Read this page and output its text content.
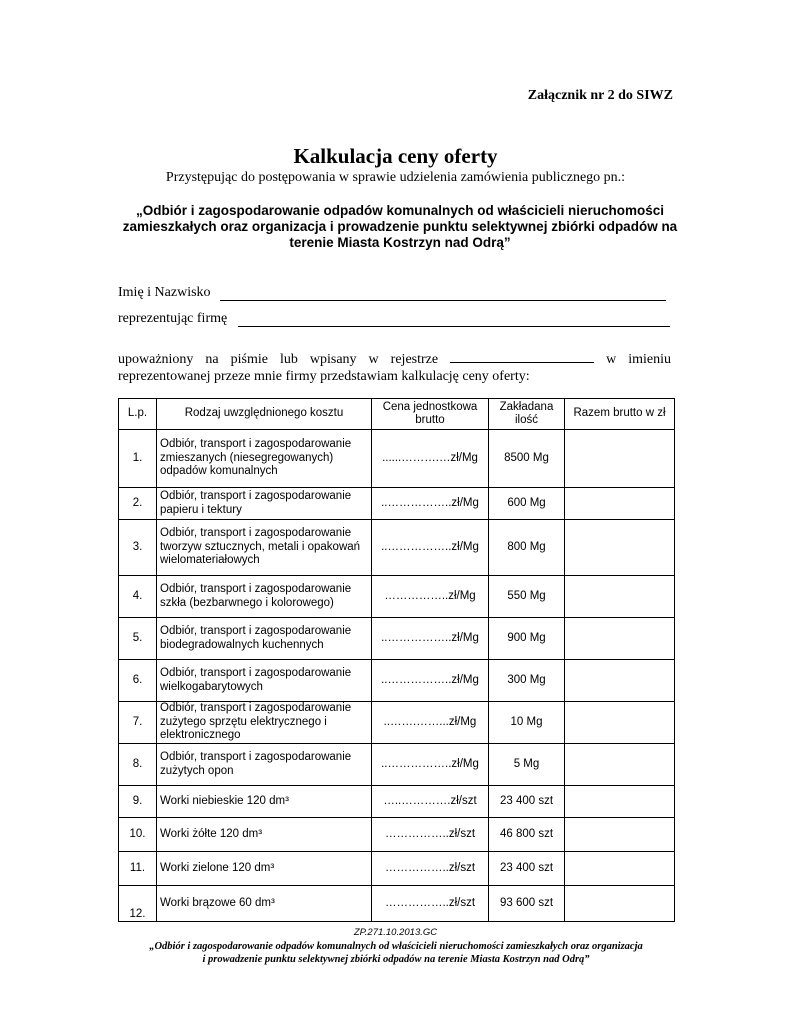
Załącznik nr 2 do SIWZ
Kalkulacja ceny oferty
Przystępując do postępowania w sprawie udzielenia zamówienia publicznego pn.:
„Odbiór i zagospodarowanie odpadów komunalnych od właścicieli nieruchomości
zamieszkałych oraz organizacja i prowadzenie punktu selektywnej zbiórki odpadów na
terenie Miasta Kostrzyn nad Odrą”
Imię i Nazwisko
reprezentując firmę
upoważniony na piśmie lub wpisany w rejestrze	w imieniu reprezentowanej przeze mnie firmy przedstawiam kalkulację ceny oferty:
L.p.	Rodzaj uwzględnionego kosztu	Cena jednostkowa brutto	Zakładana ilość	Razem brutto w zł
1.	Odbiór, transport i zagospodarowanie zmieszanych (niesegregowanych) odpadów komunalnych	......……….…zł/Mg	8500 Mg	
2.	Odbiór, transport i zagospodarowanie papieru i tektury	..……………..zł/Mg	600 Mg	
3.	Odbiór, transport i zagospodarowanie tworzyw sztucznych, metali i opakowań wielomateriałowych	..……………..zł/Mg	800 Mg	
4.	Odbiór, transport i zagospodarowanie szkła (bezbarwnego i kolorowego)	……………..zł/Mg	550 Mg	
5.	Odbiór, transport i zagospodarowanie biodegradowalnych kuchennych	..……………..zł/Mg	900 Mg	
6.	Odbiór, transport i zagospodarowanie wielkogabarytowych	..……………..zł/Mg	300 Mg	
7.	Odbiór, transport i zagospodarowanie zużytego sprzętu elektrycznego i elektronicznego	..…….……...zł/Mg	10 Mg	
8.	Odbiór, transport i zagospodarowanie zużytych opon	..……………..zł/Mg	5 Mg	
9.	Worki niebieskie 120 dm³	…..………….zł/szt	23 400 szt	
10.	Worki żółte 120 dm³	……………..zł/szt	46 800 szt	
11.	Worki zielone 120 dm³	……………..zł/szt	23 400 szt	
12.	Worki brązowe 60 dm³	……………..zł/szt	93 600 szt	
ZP.271.10.2013.GC
„Odbiór i zagospodarowanie odpadów komunalnych od właścicieli nieruchomości zamieszkałych oraz organizacja
i prowadzenie punktu selektywnej zbiórki odpadów na terenie Miasta Kostrzyn nad Odrą”
